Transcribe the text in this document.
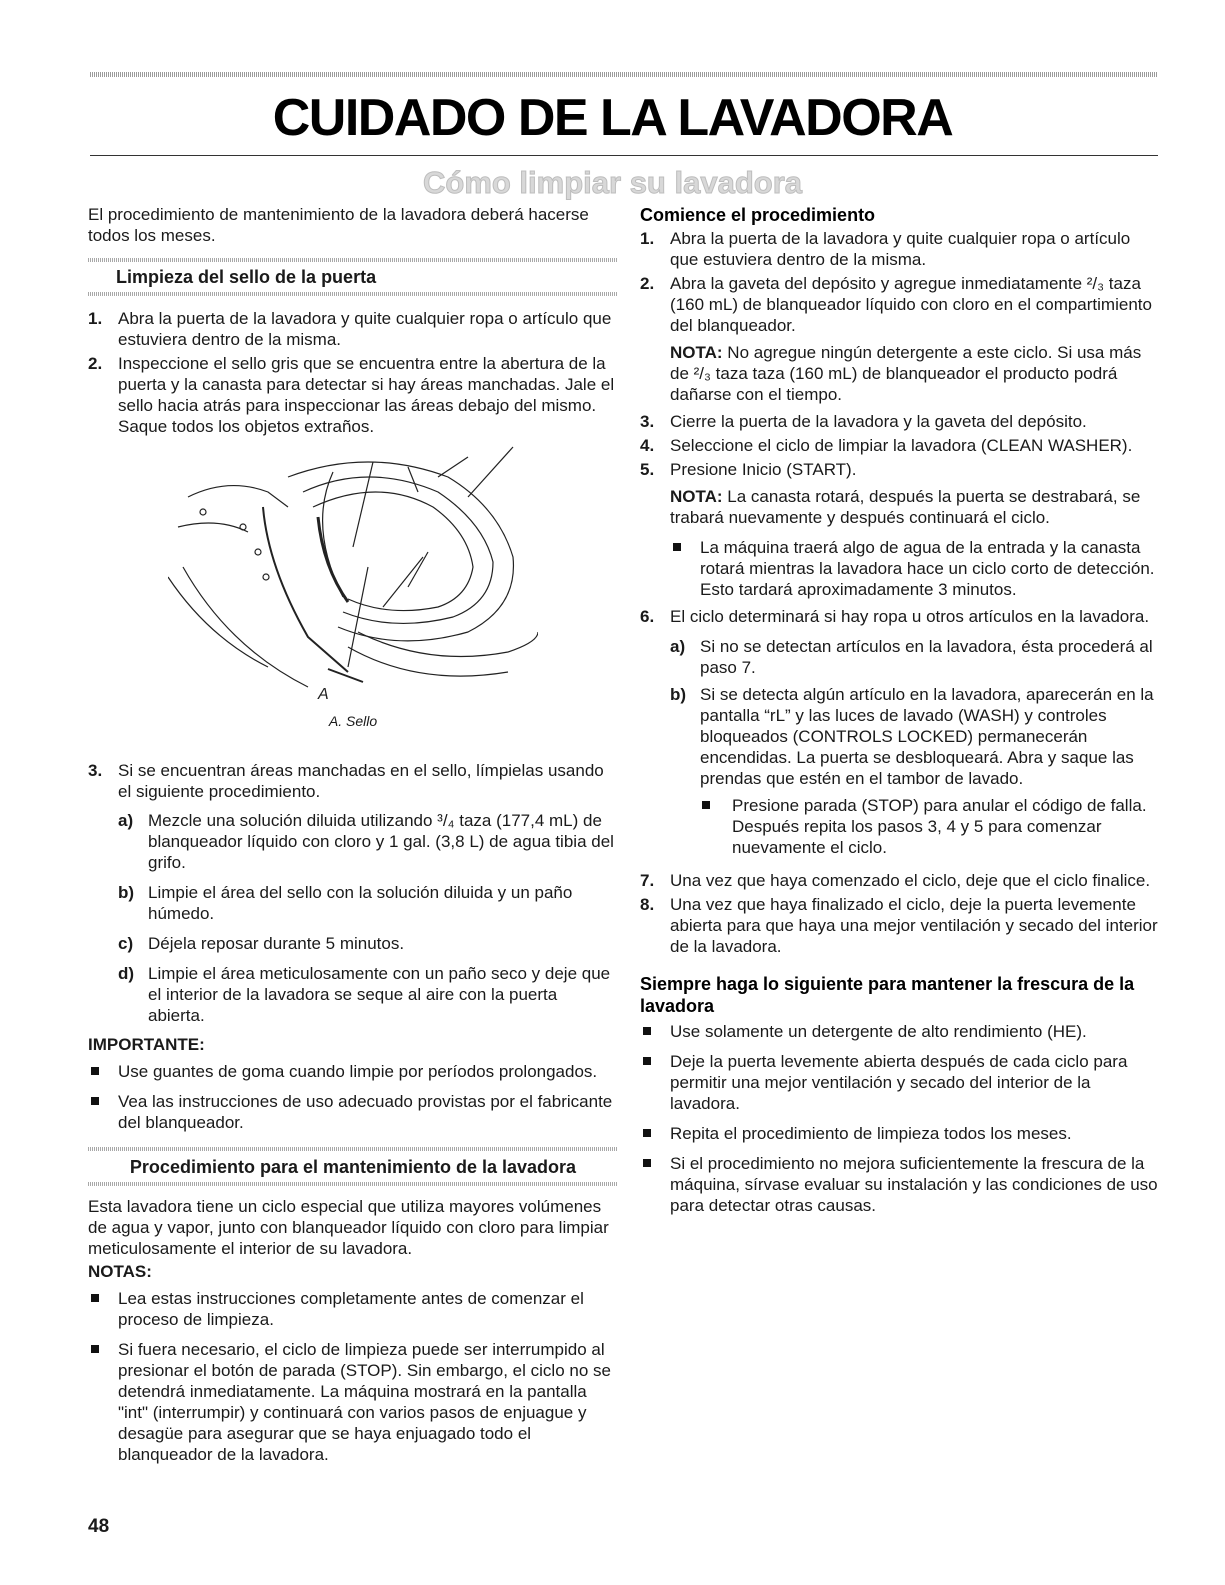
CUIDADO DE LA LAVADORA
Cómo limpiar su lavadora

El procedimiento de mantenimiento de la lavadora deberá hacerse todos los meses.

Limpieza del sello de la puerta
1. Abra la puerta de la lavadora y quite cualquier ropa o artículo que estuviera dentro de la misma.
2. Inspeccione el sello gris que se encuentra entre la abertura de la puerta y la canasta para detectar si hay áreas manchadas. Jale el sello hacia atrás para inspeccionar las áreas debajo del mismo. Saque todos los objetos extraños.
A
A. Sello
3. Si se encuentran áreas manchadas en el sello, límpielas usando el siguiente procedimiento.
a) Mezcle una solución diluida utilizando ³/₄ taza (177,4 mL) de blanqueador líquido con cloro y 1 gal. (3,8 L) de agua tibia del grifo.
b) Limpie el área del sello con la solución diluida y un paño húmedo.
c) Déjela reposar durante 5 minutos.
d) Limpie el área meticulosamente con un paño seco y deje que el interior de la lavadora se seque al aire con la puerta abierta.

IMPORTANTE:

Use guantes de goma cuando limpie por períodos prolongados.
Vea las instrucciones de uso adecuado provistas por el fabricante del blanqueador.
Procedimiento para el mantenimiento de la lavadora

Esta lavadora tiene un ciclo especial que utiliza mayores volúmenes de agua y vapor, junto con blanqueador líquido con cloro para limpiar meticulosamente el interior de su lavadora.

NOTAS:

Lea estas instrucciones completamente antes de comenzar el proceso de limpieza.
Si fuera necesario, el ciclo de limpieza puede ser interrumpido al presionar el botón de parada (STOP). Sin embargo, el ciclo no se detendrá inmediatamente. La máquina mostrará en la pantalla "int" (interrumpir) y continuará con varios pasos de enjuague y desagüe para asegurar que se haya enjuagado todo el blanqueador de la lavadora.

Comience el procedimiento

1. Abra la puerta de la lavadora y quite cualquier ropa o artículo que estuviera dentro de la misma.
2. Abra la gaveta del depósito y agregue inmediatamente ²/₃ taza (160 mL) de blanqueador líquido con cloro en el compartimiento del blanqueador.
NOTA: No agregue ningún detergente a este ciclo. Si usa más de ²/₃ taza taza (160 mL) de blanqueador el producto podrá dañarse con el tiempo.
3. Cierre la puerta de la lavadora y la gaveta del depósito.
4. Seleccione el ciclo de limpiar la lavadora (CLEAN WASHER).
5. Presione Inicio (START).
NOTA: La canasta rotará, después la puerta se destrabará, se trabará nuevamente y después continuará el ciclo.
La máquina traerá algo de agua de la entrada y la canasta rotará mientras la lavadora hace un ciclo corto de detección. Esto tardará aproximadamente 3 minutos.
6. El ciclo determinará si hay ropa u otros artículos en la lavadora.
a) Si no se detectan artículos en la lavadora, ésta procederá al paso 7.
b) Si se detecta algún artículo en la lavadora, aparecerán en la pantalla “rL” y las luces de lavado (WASH) y controles bloqueados (CONTROLS LOCKED) permanecerán encendidas. La puerta se desbloqueará. Abra y saque las prendas que estén en el tambor de lavado.
Presione parada (STOP) para anular el código de falla. Después repita los pasos 3, 4 y 5 para comenzar nuevamente el ciclo.
7. Una vez que haya comenzado el ciclo, deje que el ciclo finalice.
8. Una vez que haya finalizado el ciclo, deje la puerta levemente abierta para que haya una mejor ventilación y secado del interior de la lavadora.

Siempre haga lo siguiente para mantener la frescura de la lavadora

Use solamente un detergente de alto rendimiento (HE).
Deje la puerta levemente abierta después de cada ciclo para permitir una mejor ventilación y secado del interior de la lavadora.
Repita el procedimiento de limpieza todos los meses.
Si el procedimiento no mejora suficientemente la frescura de la máquina, sírvase evaluar su instalación y las condiciones de uso para detectar otras causas.
48
